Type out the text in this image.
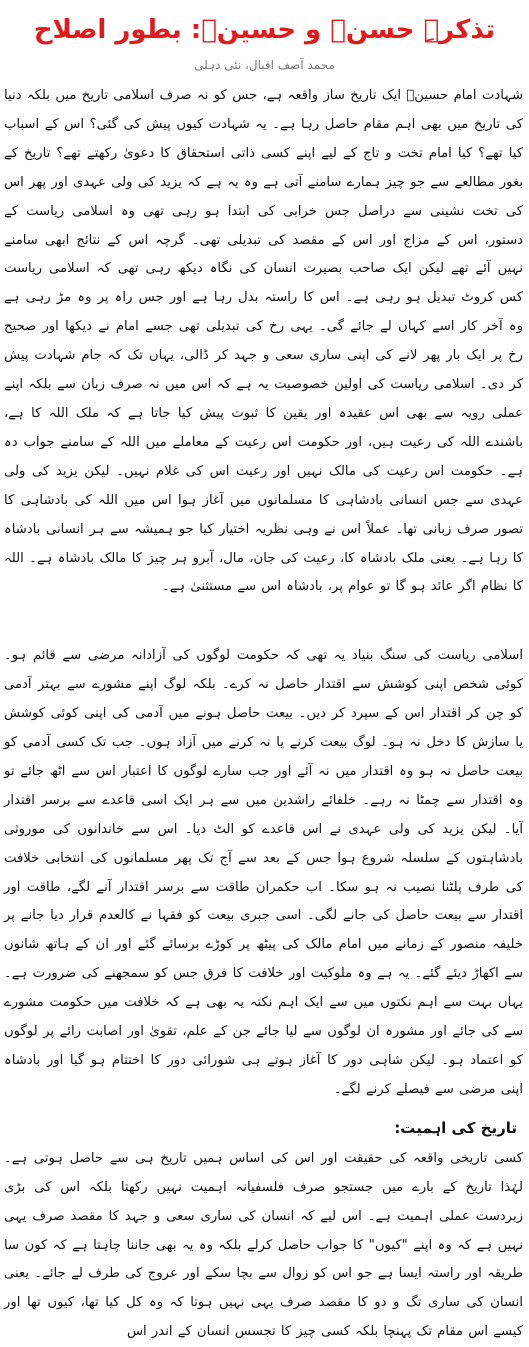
تذکرہِ حسنؓ و حسینؓ: بطور اصلاح
محمد آصف اقبال، نئی دہلی

شہادت امام حسینؓ ایک تاریخ ساز واقعہ ہے، جس کو نہ صرف اسلامی تاریخ میں بلکہ دنیا کی تاریخ میں بھی اہم مقام حاصل رہا ہے۔ یہ شہادت کیوں پیش کی گئی؟ اس کے اسباب کیا تھے؟ کیا امام تخت و تاج کے لیے اپنے کسی ذاتی استحقاق کا دعویٰ رکھتے تھے؟ تاریخ کے بغور مطالعے سے جو چیز ہمارے سامنے آتی ہے وہ یہ ہے کہ یزید کی ولی عہدی اور پھر اس کی تخت نشینی سے دراصل جس خرابی کی ابتدا ہو رہی تھی وہ اسلامی ریاست کے دستور، اس کے مزاج اور اس کے مقصد کی تبدیلی تھی۔ گرچہ اس کے نتائج ابھی سامنے نہیں آئے تھے لیکن ایک صاحب بصیرت انسان کی نگاہ دیکھ رہی تھی کہ اسلامی ریاست کس کروٹ تبدیل ہو رہی ہے۔ اس کا راستہ بدل رہا ہے اور جس راہ پر وہ مڑ رہی ہے وہ آخر کار اسے کہاں لے جائے گی۔ یہی رخ کی تبدیلی تھی جسے امام نے دیکھا اور صحیح رخ پر ایک بار پھر لانے کی اپنی ساری سعی و جہد کر ڈالی، یہاں تک کہ جام شہادت پیش کر دی۔ اسلامی ریاست کی اولین خصوصیت یہ ہے کہ اس میں نہ صرف زبان سے بلکہ اپنے عملی رویہ سے بھی اس عقیدہ اور یقین کا ثبوت پیش کیا جاتا ہے کہ ملک اللہ کا ہے، باشندے اللہ کی رعیت ہیں، اور حکومت اس رعیت کے معاملے میں اللہ کے سامنے جواب دہ ہے۔ حکومت اس رعیت کی مالک نہیں اور رعیت اس کی غلام نہیں۔ لیکن یزید کی ولی عہدی سے جس انسانی بادشاہی کا مسلمانوں میں آغاز ہوا اس میں اللہ کی بادشاہی کا تصور صرف زبانی تھا۔ عملاً اس نے وہی نظریہ اختیار کیا جو ہمیشہ سے ہر انسانی بادشاہ کا رہا ہے۔ یعنی ملک بادشاہ کا، رعیت کی جان، مال، آبرو ہر چیز کا مالک بادشاہ ہے۔ اللہ کا نظام اگر عائد ہو گا تو عوام پر، بادشاہ اس سے مستثنیٰ ہے۔

اسلامی ریاست کی سنگ بنیاد یہ تھی کہ حکومت لوگوں کی آزادانہ مرضی سے قائم ہو۔ کوئی شخص اپنی کوشش سے اقتدار حاصل نہ کرے۔ بلکہ لوگ اپنے مشورے سے بہتر آدمی کو چن کر اقتدار اس کے سپرد کر دیں۔ بیعت حاصل ہونے میں آدمی کی اپنی کوئی کوشش یا سازش کا دخل نہ ہو۔ لوگ بیعت کرنے یا نہ کرنے میں آزاد ہوں۔ جب تک کسی آدمی کو بیعت حاصل نہ ہو وہ اقتدار میں نہ آئے اور جب سارے لوگوں کا اعتبار اس سے اٹھ جائے تو وہ اقتدار سے چمٹا نہ رہے۔ خلفائے راشدین میں سے ہر ایک اسی قاعدے سے برسر اقتدار آیا۔ لیکن یزید کی ولی عہدی نے اس قاعدے کو الٹ دیا۔ اس سے خاندانوں کی موروثی بادشاہتوں کے سلسلہ شروع ہوا جس کے بعد سے آج تک پھر مسلمانوں کی انتخابی خلافت کی طرف پلٹنا نصیب نہ ہو سکا۔ اب حکمران طاقت سے برسر اقتدار آنے لگے، طاقت اور اقتدار سے بیعت حاصل کی جانے لگی۔ اسی جبری بیعت کو فقہا نے کالعدم قرار دیا جانے پر خلیفہ منصور کے زمانے میں امام مالک کی پیٹھ پر کوڑے برسائے گئے اور ان کے ہاتھ شانوں سے اکھاڑ دیئے گئے۔ یہ ہے وہ ملوکیت اور خلافت کا فرق جس کو سمجھنے کی ضرورت ہے۔ یہاں بہت سے اہم نکتوں میں سے ایک اہم نکتہ یہ بھی ہے کہ خلافت میں حکومت مشورے سے کی جائے اور مشورہ ان لوگوں سے لیا جائے جن کے علم، تقویٰ اور اصابت رائے پر لوگوں کو اعتماد ہو۔ لیکن شاہی دور کا آغاز ہوتے ہی شورائی دور کا اختتام ہو گیا اور بادشاہ اپنی مرضی سے فیصلے کرنے لگے۔

تاریخ کی اہمیت:

کسی تاریخی واقعہ کی حقیقت اور اس کی اساس ہمیں تاریخ ہی سے حاصل ہوتی ہے۔ لہٰذا تاریخ کے بارے میں جستجو صرف فلسفیانہ اہمیت نہیں رکھتا بلکہ اس کی بڑی زبردست عملی اہمیت ہے۔ اس لیے کہ انسان کی ساری سعی و جہد کا مقصد صرف یہی نہیں ہے کہ وہ اپنے "کیوں" کا جواب حاصل کرلے بلکہ وہ یہ بھی جاننا چاہتا ہے کہ کون سا طریقہ اور راستہ ایسا ہے جو اس کو زوال سے بچا سکے اور عروج کی طرف لے جائے۔ یعنی انسان کی ساری تگ و دو کا مقصد صرف یہی نہیں ہوتا کہ وہ کل کیا تھا، کیوں تھا اور کیسے اس مقام تک پہنچا بلکہ کسی چیز کا تجسس انسان کے اندر اس
